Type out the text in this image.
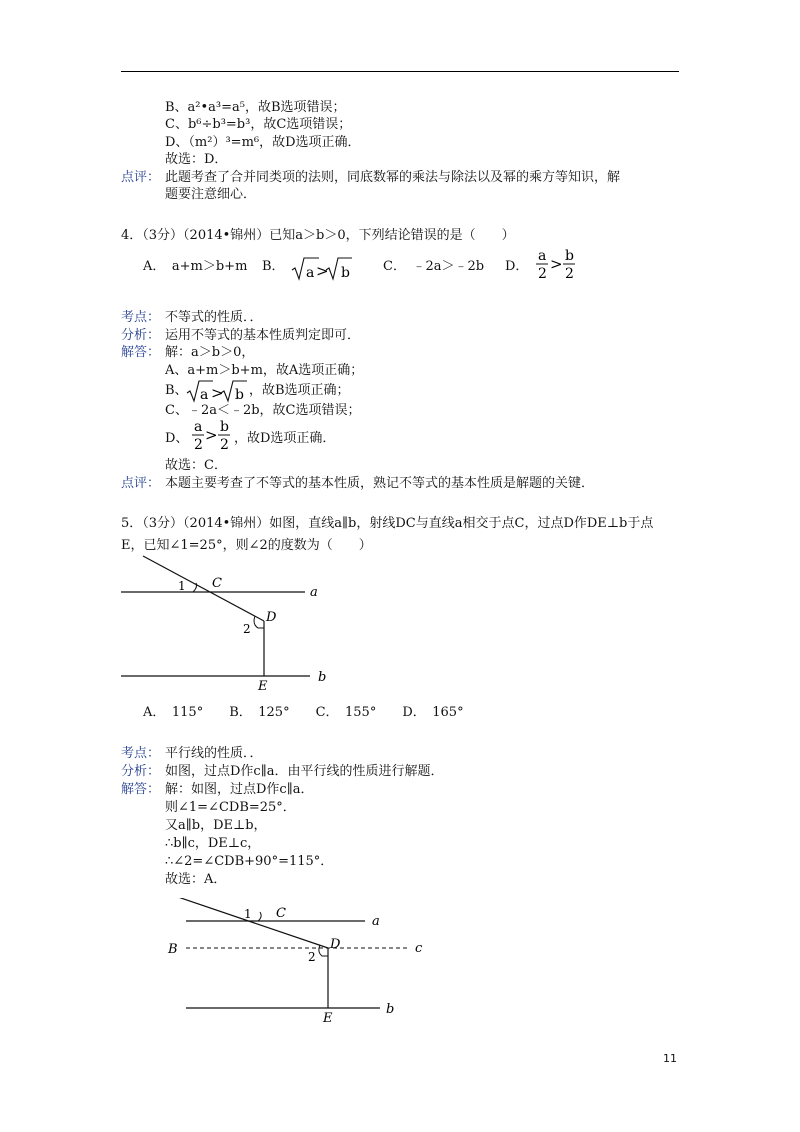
B、a²•a³=a⁵，故B选项错误；
C、b⁶÷b³=b³，故C选项错误；
D、（m²）³=m⁶，故D选项正确．
故选：D．
点评： 此题考查了合并同类项的法则，同底数幂的乘法与除法以及幂的乘方等知识，解
题要注意细心．
4．（3分）（2014•锦州）已知a＞b＞0，下列结论错误的是（　　）
A．　a+m＞b+m B． a > b	C．　﹣2a＞﹣2b D．
a
2
> b
2
考点： 不等式的性质．．
分析： 运用不等式的基本性质判定即可．
解答： 解：a＞b＞0，
A、a+m＞b+m，故A选项正确；
B、 a > b ，故B选项正确；
C、﹣2a＜﹣2b，故C选项错误；
D、
a
2
> b
2 ，故D选项正确．
故选：C．
点评： 本题主要考查了不等式的基本性质，熟记不等式的基本性质是解题的关键．
5．（3分）（2014•锦州）如图，直线a∥b，射线DC与直线a相交于点C，过点D作DE⊥b于点
E，已知∠1=25°，则∠2的度数为（　　）
1 C
a
D
2
b
E
A．　115°　　B．　125°　　C．　155°　　D．　165°
考点： 平行线的性质．．
分析： 如图，过点D作c∥a．由平行线的性质进行解题．
解答： 解：如图，过点D作c∥a．
则∠1=∠CDB=25°．
又a∥b，DE⊥b，
∴b∥c，DE⊥c，
∴∠2=∠CDB+90°=115°．
故选：A．
1 C
a
B	D	c
2
b
E
11
